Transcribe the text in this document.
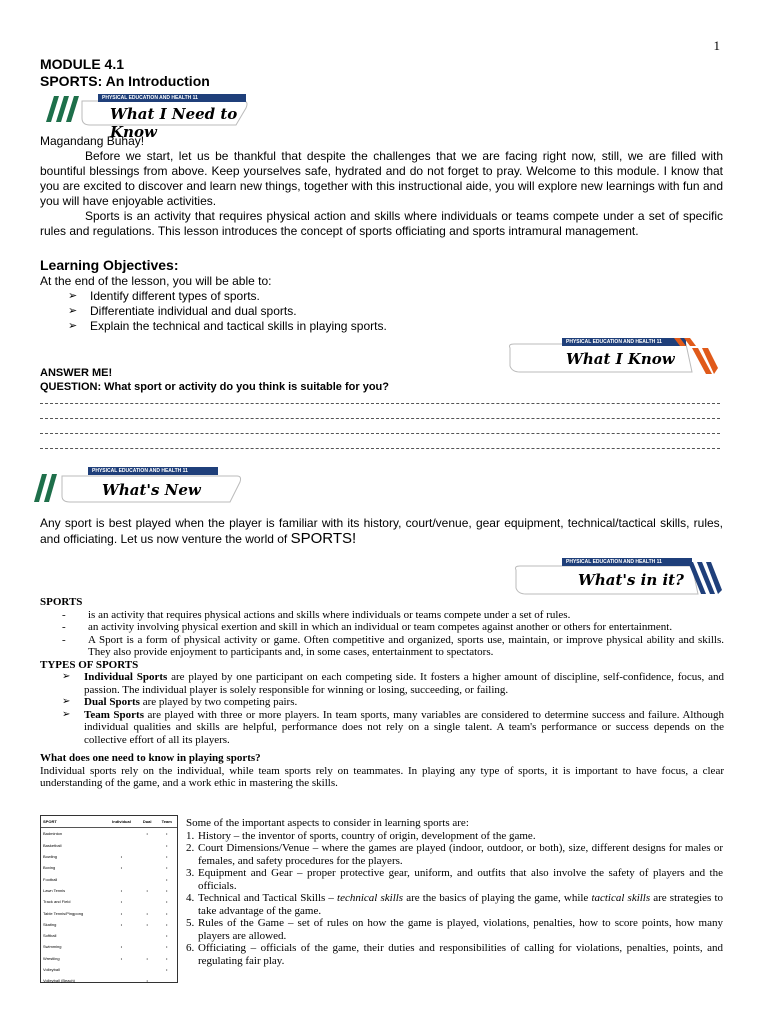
1
MODULE 4.1
SPORTS: An Introduction
PHYSICAL EDUCATION AND HEALTH 11
What I Need to Know
Magandang Buhay!
Before we start, let us be thankful that despite the challenges that we are facing right now, still, we are filled with bountiful blessings from above. Keep yourselves safe, hydrated and do not forget to pray. Welcome to this module. I know that you are excited to discover and learn new things, together with this instructional aide, you will explore new learnings with fun and you will have enjoyable activities.
Sports is an activity that requires physical action and skills where individuals or teams compete under a set of specific rules and regulations. This lesson introduces the concept of sports officiating and sports intramural management.
Learning Objectives:
At the end of the lesson, you will be able to:
➢ Identify different types of sports.
➢ Differentiate individual and dual sports.
➢ Explain the technical and tactical skills in playing sports.
PHYSICAL EDUCATION AND HEALTH 11
What I Know
ANSWER ME!
QUESTION: What sport or activity do you think is suitable for you?
PHYSICAL EDUCATION AND HEALTH 11
What's New
Any sport is best played when the player is familiar with its history, court/venue, gear equipment, technical/tactical skills, rules, and officiating. Let us now venture the world of SPORTS!
PHYSICAL EDUCATION AND HEALTH 11
What's in it?
SPORTS
- is an activity that requires physical actions and skills where individuals or teams compete under a set of rules.
- an activity involving physical exertion and skill in which an individual or team competes against another or others for entertainment.
- A Sport is a form of physical activity or game. Often competitive and organized, sports use, maintain, or improve physical ability and skills. They also provide enjoyment to participants and, in some cases, entertainment to spectators.
TYPES OF SPORTS
➢	Individual Sports are played by one participant on each competing side. It fosters a higher amount of discipline, self-confidence, focus, and passion. The individual player is solely responsible for winning or losing, succeeding, or failing.
➢	Dual Sports are played by two competing pairs.
➢	Team Sports are played with three or more players. In team sports, many variables are considered to determine success and failure. Although individual qualities and skills are helpful, performance does not rely on a single talent. A team's performance or success depends on the collective effort of all its players.
What does one need to know in playing sports?
Individual sports rely on the individual, while team sports rely on teammates. In playing any type of sports, it is important to have focus, a clear understanding of the game, and a work ethic in mastering the skills.
SPORT	Individual	Dual	Team
Badminton		•	•
Basketball			•
Bowling	•		•
Boxing	•		•
Football			•
Lawn Tennis	•	•	•
Track and Field	•		•
Table Tennis/Pingpong	•	•	•
Skating	•	•	•
Softball			•
Swimming	•		•
Wrestling	•	•	•
Volleyball			•
Volleyball (Beach)		•	
Some of the important aspects to consider in learning sports are:
1. History – the inventor of sports, country of origin, development of the game.
2. Court Dimensions/Venue – where the games are played (indoor, outdoor, or both), size, different designs for males or females, and safety procedures for the players.
3. Equipment and Gear – proper protective gear, uniform, and outfits that also involve the safety of players and the officials.
4. Technical and Tactical Skills – technical skills are the basics of playing the game, while tactical skills are strategies to take advantage of the game.
5. Rules of the Game – set of rules on how the game is played, violations, penalties, how to score points, how many players are allowed.
6. Officiating – officials of the game, their duties and responsibilities of calling for violations, penalties, points, and regulating fair play.
